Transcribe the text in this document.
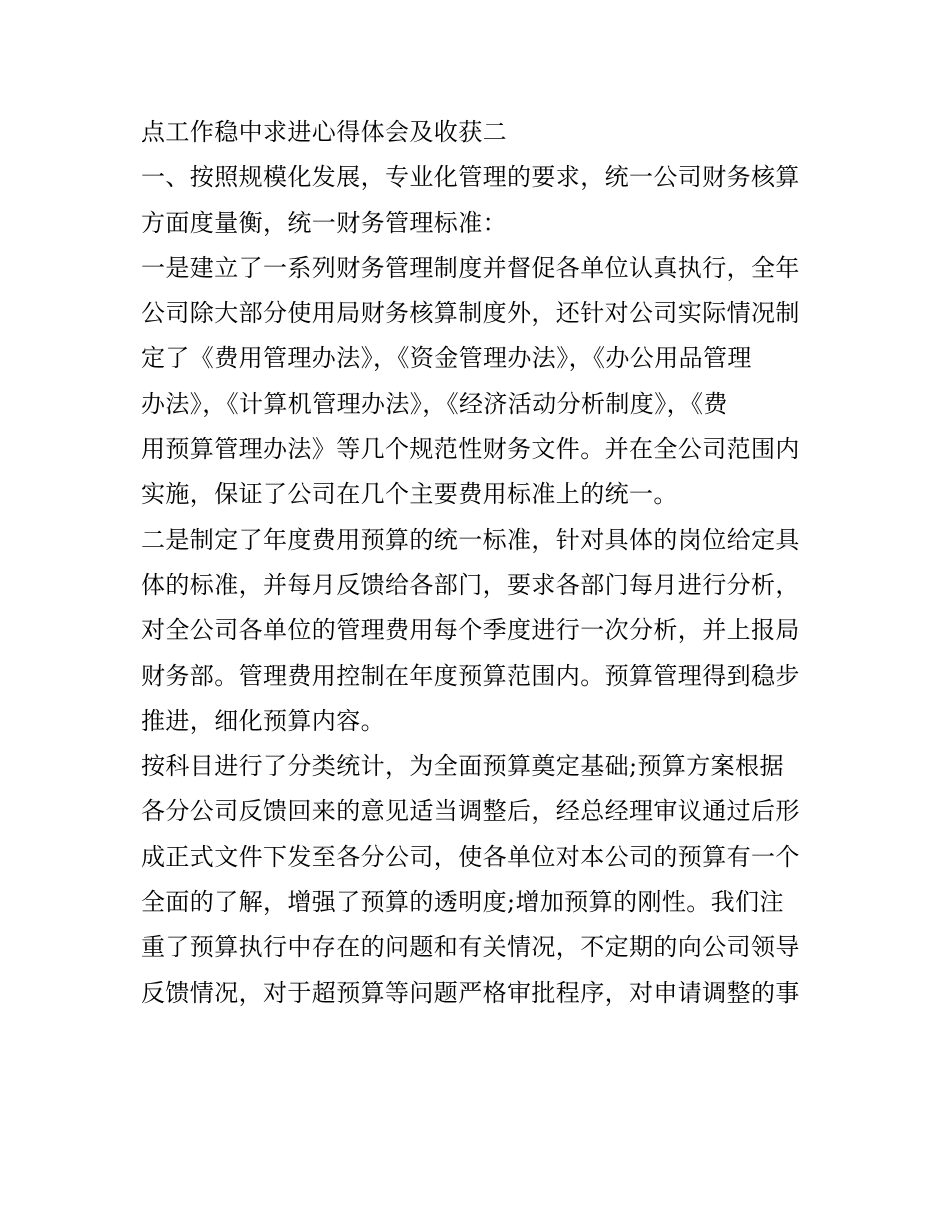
点工作稳中求进心得体会及收获二
一、按照规模化发展，专业化管理的要求，统一公司财务核算
方面度量衡，统一财务管理标准：
一是建立了一系列财务管理制度并督促各单位认真执行，全年
公司除大部分使用局财务核算制度外，还针对公司实际情况制
定了《费用管理办法》，《资金管理办法》，《办公用品管理
办法》，《计算机管理办法》，《经济活动分析制度》，《费
用预算管理办法》等几个规范性财务文件。并在全公司范围内
实施，保证了公司在几个主要费用标准上的统一。
二是制定了年度费用预算的统一标准，针对具体的岗位给定具
体的标准，并每月反馈给各部门，要求各部门每月进行分析，
对全公司各单位的管理费用每个季度进行一次分析，并上报局
财务部。管理费用控制在年度预算范围内。预算管理得到稳步
推进，细化预算内容。
按科目进行了分类统计，为全面预算奠定基础;预算方案根据
各分公司反馈回来的意见适当调整后，经总经理审议通过后形
成正式文件下发至各分公司，使各单位对本公司的预算有一个
全面的了解，增强了预算的透明度;增加预算的刚性。我们注
重了预算执行中存在的问题和有关情况，不定期的向公司领导
反馈情况，对于超预算等问题严格审批程序，对申请调整的事
